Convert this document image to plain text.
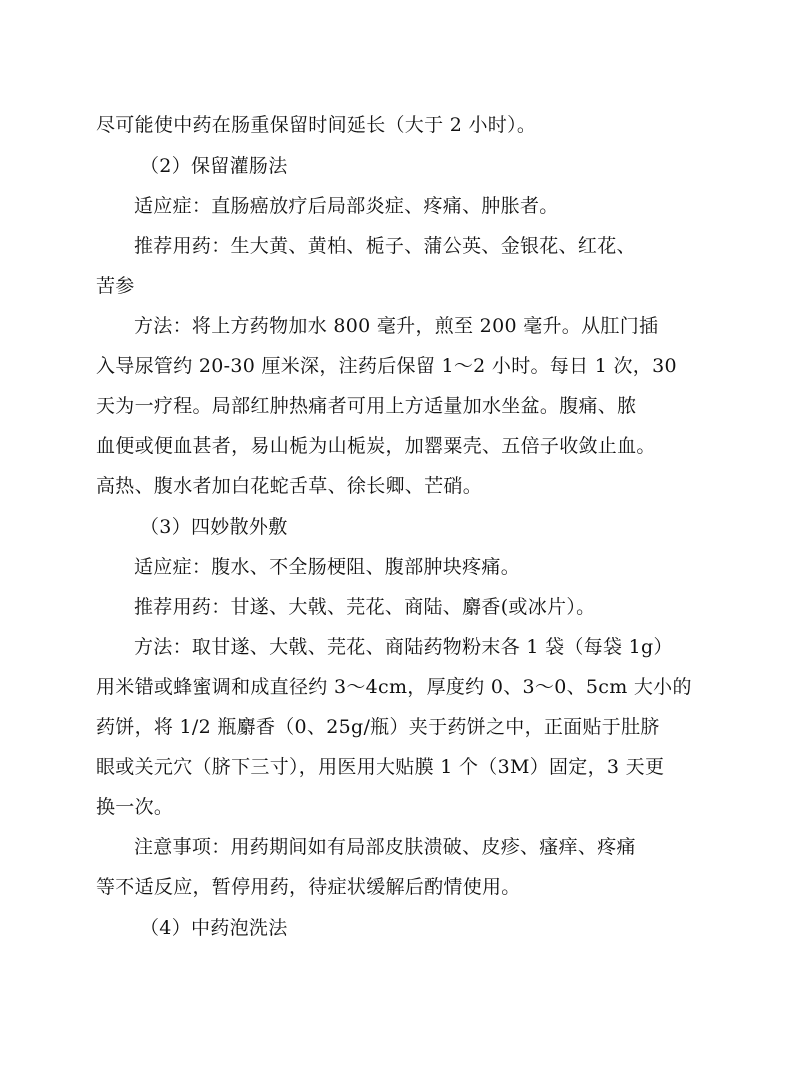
尽可能使中药在肠重保留时间延长（大于 2 小时）。
（2）保留灌肠法
适应症：直肠癌放疗后局部炎症、疼痛、肿胀者。
推荐用药：生大黄、黄柏、栀子、蒲公英、金银花、红花、
苦参
方法：将上方药物加水 800 毫升，煎至 200 毫升。从肛门插
入导尿管约 20-30 厘米深，注药后保留 1～2 小时。每日 1 次，30
天为一疗程。局部红肿热痛者可用上方适量加水坐盆。腹痛、脓
血便或便血甚者，易山栀为山栀炭，加罂粟壳、五倍子收敛止血。
高热、腹水者加白花蛇舌草、徐长卿、芒硝。
（3）四妙散外敷
适应症：腹水、不全肠梗阻、腹部肿块疼痛。
推荐用药：甘遂、大戟、芫花、商陆、麝香(或冰片）。
方法：取甘遂、大戟、芫花、商陆药物粉末各 1 袋（每袋 1g）
用米错或蜂蜜调和成直径约 3～4cm，厚度约 0、3～0、5cm 大小的
药饼，将 1/2 瓶麝香（0、25g/瓶）夹于药饼之中，正面贴于肚脐
眼或关元穴（脐下三寸），用医用大贴膜 1 个（3M）固定，3 天更
换一次。
注意事项：用药期间如有局部皮肤溃破、皮疹、瘙痒、疼痛
等不适反应，暂停用药，待症状缓解后酌情使用。
（4）中药泡洗法
